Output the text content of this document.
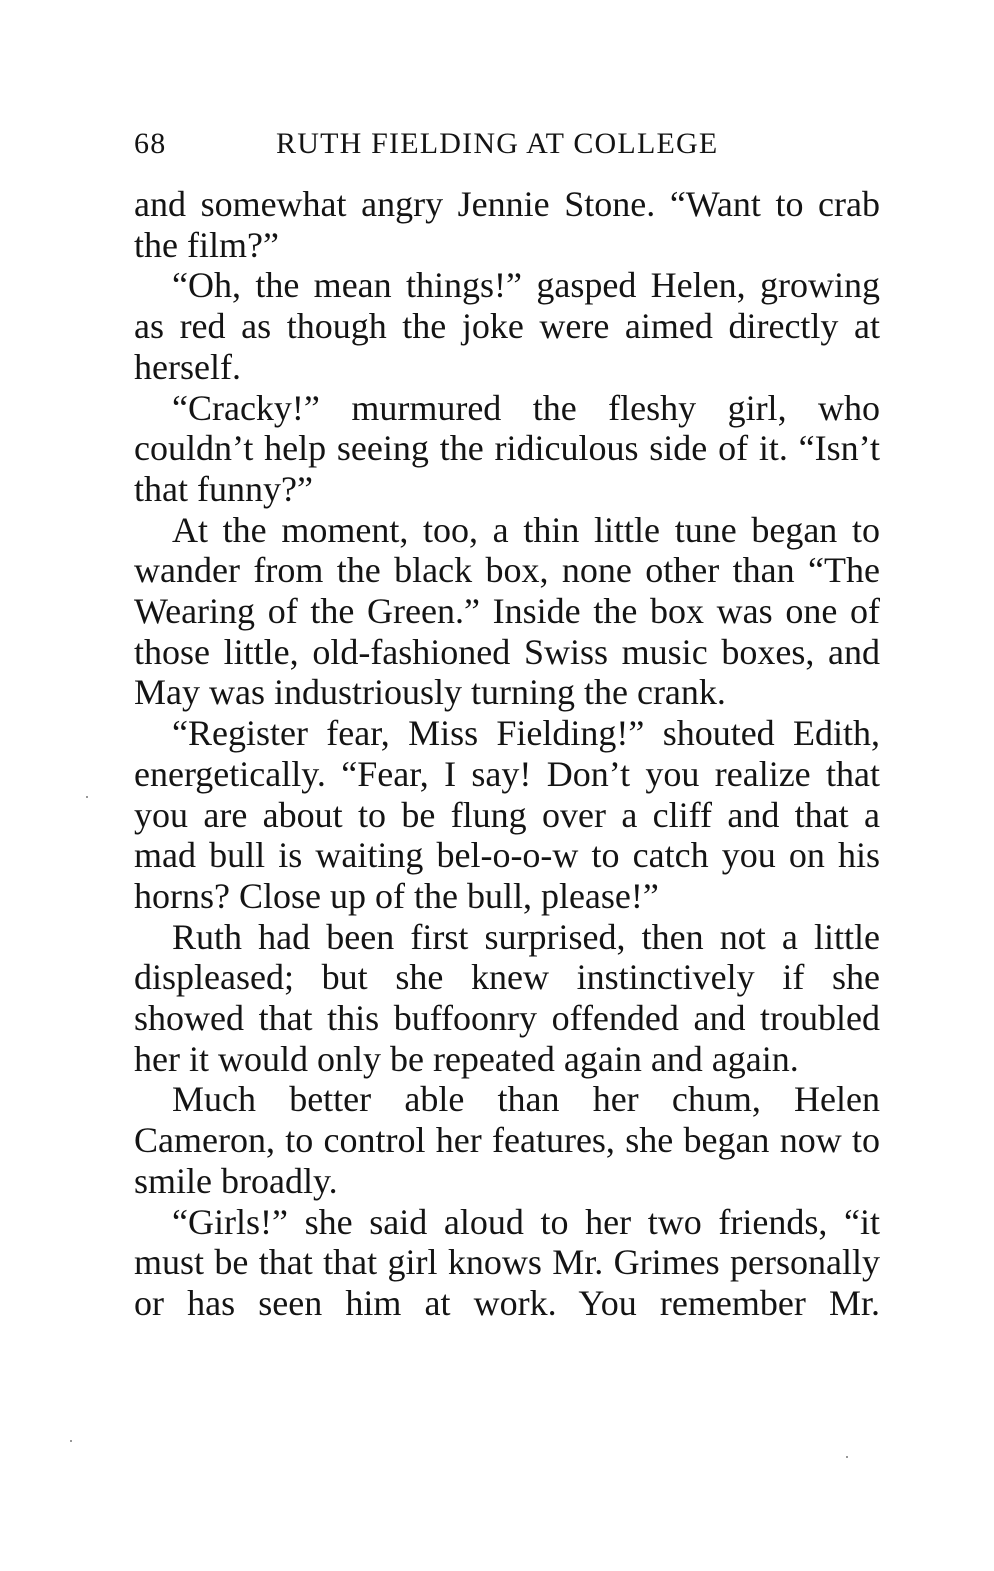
68	RUTH FIELDING AT COLLEGE

and somewhat angry Jennie Stone. “Want to crab the film?”

“Oh, the mean things!” gasped Helen, growing as red as though the joke were aimed directly at herself.

“Cracky!” murmured the fleshy girl, who couldn’t help seeing the ridiculous side of it. “Isn’t that funny?”

At the moment, too, a thin little tune began to wander from the black box, none other than “The Wearing of the Green.” Inside the box was one of those little, old-fashioned Swiss music boxes, and May was industriously turning the crank.

“Register fear, Miss Fielding!” shouted Edith, energetically. “Fear, I say! Don’t you realize that you are about to be flung over a cliff and that a mad bull is waiting bel-o-o-w to catch you on his horns? Close up of the bull, please!”

Ruth had been first surprised, then not a little displeased; but she knew instinctively if she showed that this buffoonry offended and troubled her it would only be repeated again and again.

Much better able than her chum, Helen Cameron, to control her features, she began now to smile broadly.

“Girls!” she said aloud to her two friends, “it must be that that girl knows Mr. Grimes personally or has seen him at work. You remember Mr.
